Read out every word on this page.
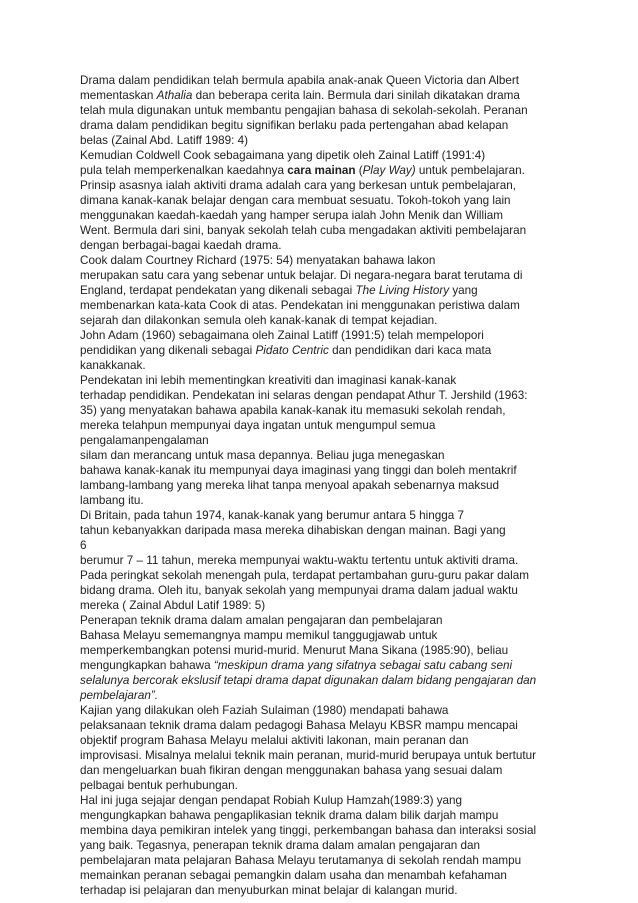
Drama dalam pendidikan telah bermula apabila anak-anak Queen Victoria dan Albert
mementaskan Athalia dan beberapa cerita lain. Bermula dari sinilah dikatakan drama
telah mula digunakan untuk membantu pengajian bahasa di sekolah-sekolah. Peranan
drama dalam pendidikan begitu signifikan berlaku pada pertengahan abad kelapan
belas (Zainal Abd. Latiff 1989: 4)
Kemudian Coldwell Cook sebagaimana yang dipetik oleh Zainal Latiff (1991:4)
pula telah memperkenalkan kaedahnya cara mainan (Play Way) untuk pembelajaran.
Prinsip asasnya ialah aktiviti drama adalah cara yang berkesan untuk pembelajaran,
dimana kanak-kanak belajar dengan cara membuat sesuatu. Tokoh-tokoh yang lain
menggunakan kaedah-kaedah yang hamper serupa ialah John Menik dan William
Went. Bermula dari sini, banyak sekolah telah cuba mengadakan aktiviti pembelajaran
dengan berbagai-bagai kaedah drama.
Cook dalam Courtney Richard (1975: 54) menyatakan bahawa lakon
merupakan satu cara yang sebenar untuk belajar. Di negara-negara barat terutama di
England, terdapat pendekatan yang dikenali sebagai The Living History yang
membenarkan kata-kata Cook di atas. Pendekatan ini menggunakan peristiwa dalam
sejarah dan dilakonkan semula oleh kanak-kanak di tempat kejadian.
John Adam (1960) sebagaimana oleh Zainal Latiff (1991:5) telah mempelopori
pendidikan yang dikenali sebagai Pidato Centric dan pendidikan dari kaca mata
kanakkanak.
Pendekatan ini lebih mementingkan kreativiti dan imaginasi kanak-kanak
terhadap pendidikan. Pendekatan ini selaras dengan pendapat Athur T. Jershild (1963:
35) yang menyatakan bahawa apabila kanak-kanak itu memasuki sekolah rendah,
mereka telahpun mempunyai daya ingatan untuk mengumpul semua
pengalamanpengalaman
silam dan merancang untuk masa depannya. Beliau juga menegaskan
bahawa kanak-kanak itu mempunyai daya imaginasi yang tinggi dan boleh mentakrif
lambang-lambang yang mereka lihat tanpa menyoal apakah sebenarnya maksud
lambang itu.
Di Britain, pada tahun 1974, kanak-kanak yang berumur antara 5 hingga 7
tahun kebanyakkan daripada masa mereka dihabiskan dengan mainan. Bagi yang
6
berumur 7 – 11 tahun, mereka mempunyai waktu-waktu tertentu untuk aktiviti drama.
Pada peringkat sekolah menengah pula, terdapat pertambahan guru-guru pakar dalam
bidang drama. Oleh itu, banyak sekolah yang mempunyai drama dalam jadual waktu
mereka ( Zainal Abdul Latif 1989: 5)
Penerapan teknik drama dalam amalan pengajaran dan pembelajaran
Bahasa Melayu sememangnya mampu memikul tanggugjawab untuk
memperkembangkan potensi murid-murid. Menurut Mana Sikana (1985:90), beliau
mengungkapkan bahawa “meskipun drama yang sifatnya sebagai satu cabang seni
selalunya bercorak ekslusif tetapi drama dapat digunakan dalam bidang pengajaran dan
pembelajaran”.
Kajian yang dilakukan oleh Faziah Sulaiman (1980) mendapati bahawa
pelaksanaan teknik drama dalam pedagogi Bahasa Melayu KBSR mampu mencapai
objektif program Bahasa Melayu melalui aktiviti lakonan, main peranan dan
improvisasi. Misalnya melalui teknik main peranan, murid-murid berupaya untuk bertutur
dan mengeluarkan buah fikiran dengan menggunakan bahasa yang sesuai dalam
pelbagai bentuk perhubungan.
Hal ini juga sejajar dengan pendapat Robiah Kulup Hamzah(1989:3) yang
mengungkapkan bahawa pengaplikasian teknik drama dalam bilik darjah mampu
membina daya pemikiran intelek yang tinggi, perkembangan bahasa dan interaksi sosial
yang baik. Tegasnya, penerapan teknik drama dalam amalan pengajaran dan
pembelajaran mata pelajaran Bahasa Melayu terutamanya di sekolah rendah mampu
memainkan peranan sebagai pemangkin dalam usaha dan menambah kefahaman
terhadap isi pelajaran dan menyuburkan minat belajar di kalangan murid.
